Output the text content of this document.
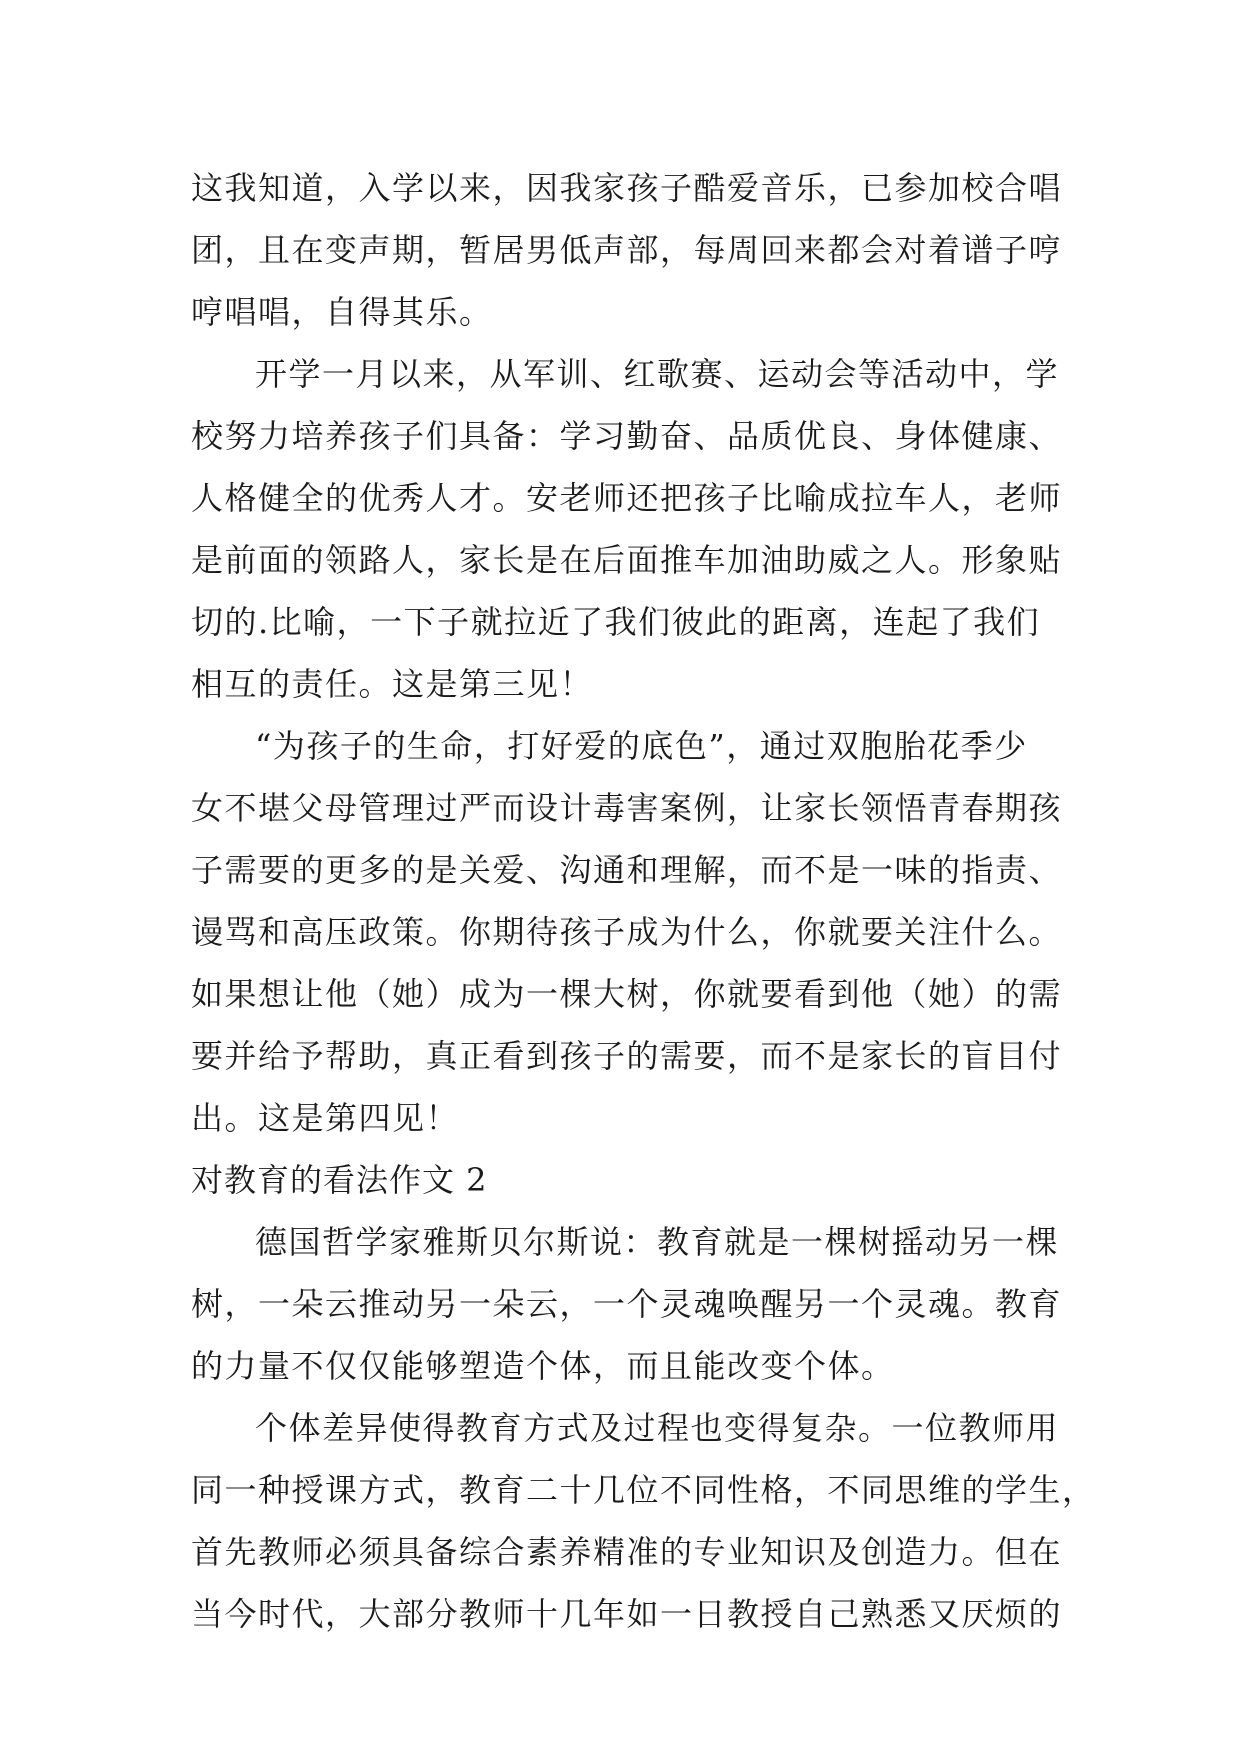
这我知道，入学以来，因我家孩子酷爱音乐，已参加校合唱
团，且在变声期，暂居男低声部，每周回来都会对着谱子哼
哼唱唱，自得其乐。
开学一月以来，从军训、红歌赛、运动会等活动中，学
校努力培养孩子们具备：学习勤奋、品质优良、身体健康、
人格健全的优秀人才。安老师还把孩子比喻成拉车人，老师
是前面的领路人，家长是在后面推车加油助威之人。形象贴
切的.比喻，一下子就拉近了我们彼此的距离，连起了我们
相互的责任。这是第三见！
“为孩子的生命，打好爱的底色”，通过双胞胎花季少
女不堪父母管理过严而设计毒害案例，让家长领悟青春期孩
子需要的更多的是关爱、沟通和理解，而不是一味的指责、
谩骂和高压政策。你期待孩子成为什么，你就要关注什么。
如果想让他（她）成为一棵大树，你就要看到他（她）的需
要并给予帮助，真正看到孩子的需要，而不是家长的盲目付
出。这是第四见！
对教育的看法作文 2
德国哲学家雅斯贝尔斯说：教育就是一棵树摇动另一棵
树，一朵云推动另一朵云，一个灵魂唤醒另一个灵魂。教育
的力量不仅仅能够塑造个体，而且能改变个体。
个体差异使得教育方式及过程也变得复杂。一位教师用
同一种授课方式，教育二十几位不同性格，不同思维的学生，
首先教师必须具备综合素养精准的专业知识及创造力。但在
当今时代，大部分教师十几年如一日教授自己熟悉又厌烦的
